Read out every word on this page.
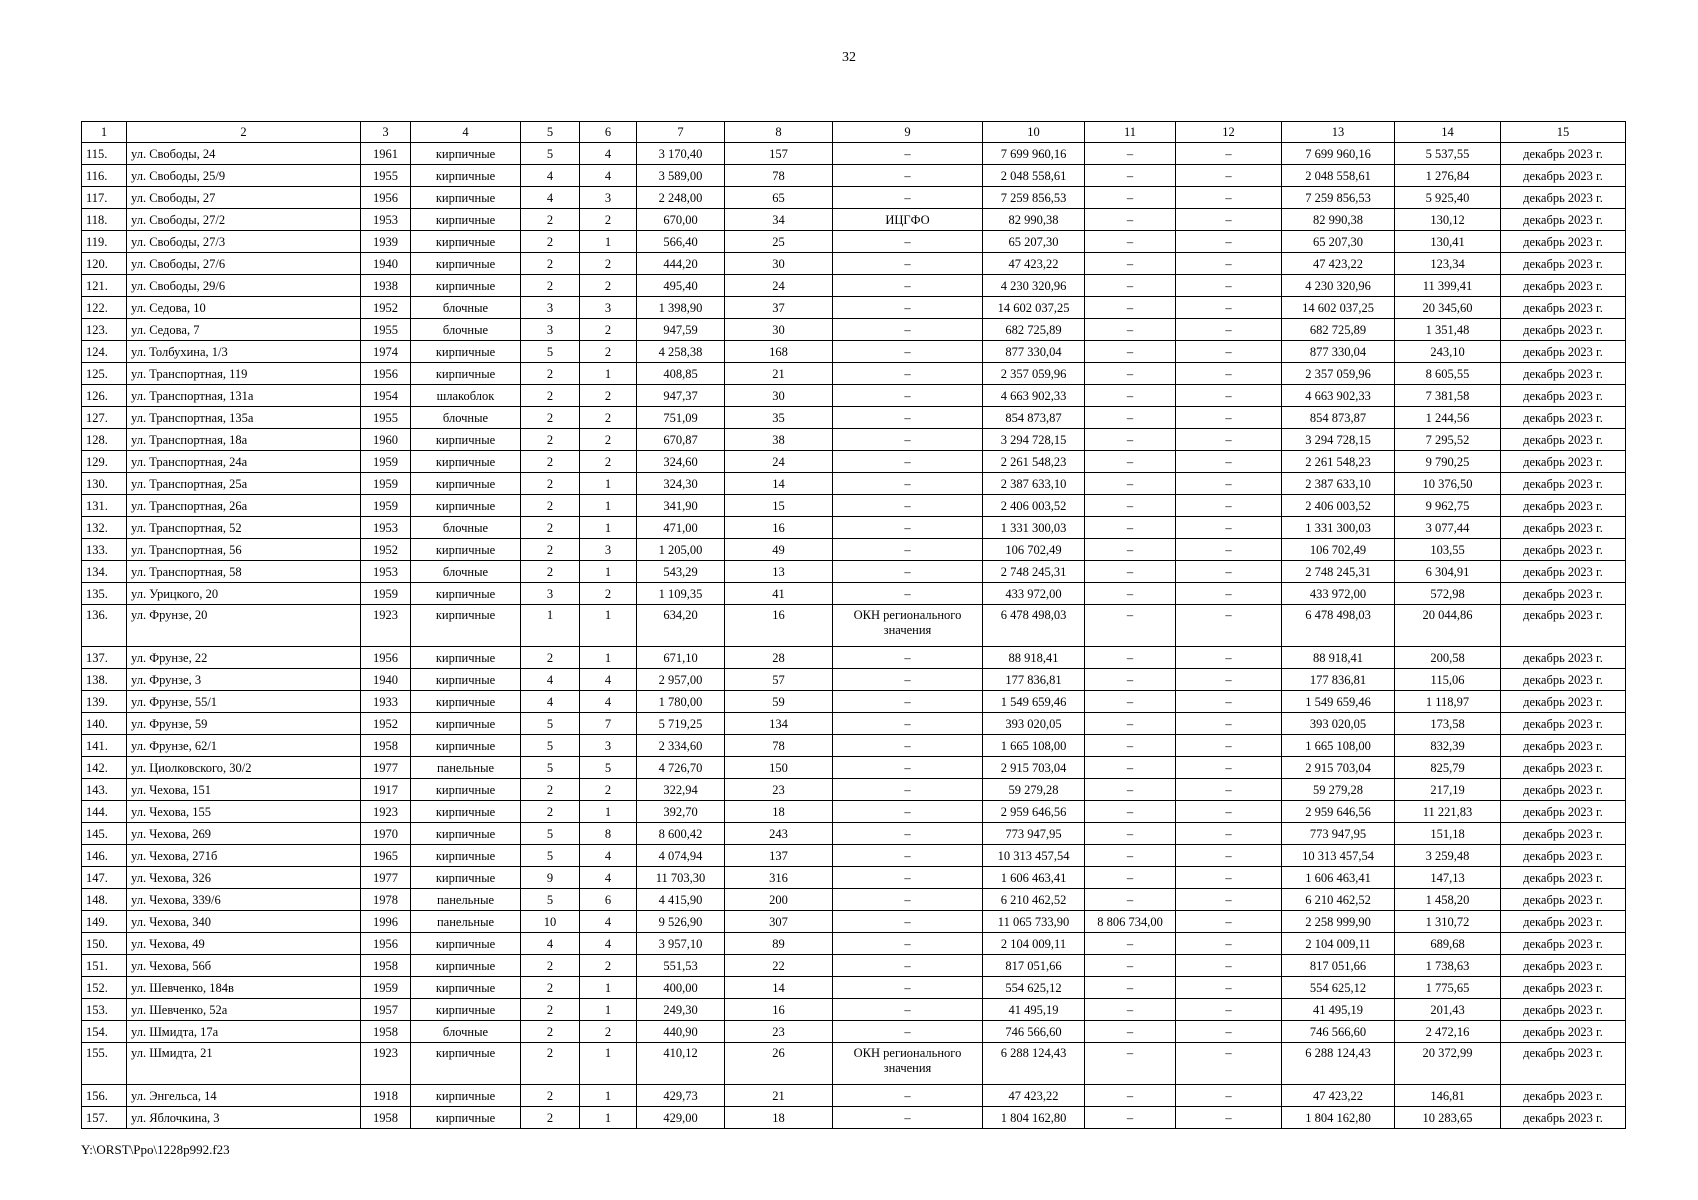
32
1	2	3	4	5	6	7	8	9	10	11	12	13	14	15
115.	ул. Свободы, 24	1961	кирпичные	5	4	3 170,40	157	–	7 699 960,16	–	–	7 699 960,16	5 537,55	декабрь 2023 г.
116.	ул. Свободы, 25/9	1955	кирпичные	4	4	3 589,00	78	–	2 048 558,61	–	–	2 048 558,61	1 276,84	декабрь 2023 г.
117.	ул. Свободы, 27	1956	кирпичные	4	3	2 248,00	65	–	7 259 856,53	–	–	7 259 856,53	5 925,40	декабрь 2023 г.
118.	ул. Свободы, 27/2	1953	кирпичные	2	2	670,00	34	ИЦГФО	82 990,38	–	–	82 990,38	130,12	декабрь 2023 г.
119.	ул. Свободы, 27/3	1939	кирпичные	2	1	566,40	25	–	65 207,30	–	–	65 207,30	130,41	декабрь 2023 г.
120.	ул. Свободы, 27/6	1940	кирпичные	2	2	444,20	30	–	47 423,22	–	–	47 423,22	123,34	декабрь 2023 г.
121.	ул. Свободы, 29/6	1938	кирпичные	2	2	495,40	24	–	4 230 320,96	–	–	4 230 320,96	11 399,41	декабрь 2023 г.
122.	ул. Седова, 10	1952	блочные	3	3	1 398,90	37	–	14 602 037,25	–	–	14 602 037,25	20 345,60	декабрь 2023 г.
123.	ул. Седова, 7	1955	блочные	3	2	947,59	30	–	682 725,89	–	–	682 725,89	1 351,48	декабрь 2023 г.
124.	ул. Толбухина, 1/3	1974	кирпичные	5	2	4 258,38	168	–	877 330,04	–	–	877 330,04	243,10	декабрь 2023 г.
125.	ул. Транспортная, 119	1956	кирпичные	2	1	408,85	21	–	2 357 059,96	–	–	2 357 059,96	8 605,55	декабрь 2023 г.
126.	ул. Транспортная, 131а	1954	шлакоблок	2	2	947,37	30	–	4 663 902,33	–	–	4 663 902,33	7 381,58	декабрь 2023 г.
127.	ул. Транспортная, 135а	1955	блочные	2	2	751,09	35	–	854 873,87	–	–	854 873,87	1 244,56	декабрь 2023 г.
128.	ул. Транспортная, 18а	1960	кирпичные	2	2	670,87	38	–	3 294 728,15	–	–	3 294 728,15	7 295,52	декабрь 2023 г.
129.	ул. Транспортная, 24а	1959	кирпичные	2	2	324,60	24	–	2 261 548,23	–	–	2 261 548,23	9 790,25	декабрь 2023 г.
130.	ул. Транспортная, 25а	1959	кирпичные	2	1	324,30	14	–	2 387 633,10	–	–	2 387 633,10	10 376,50	декабрь 2023 г.
131.	ул. Транспортная, 26а	1959	кирпичные	2	1	341,90	15	–	2 406 003,52	–	–	2 406 003,52	9 962,75	декабрь 2023 г.
132.	ул. Транспортная, 52	1953	блочные	2	1	471,00	16	–	1 331 300,03	–	–	1 331 300,03	3 077,44	декабрь 2023 г.
133.	ул. Транспортная, 56	1952	кирпичные	2	3	1 205,00	49	–	106 702,49	–	–	106 702,49	103,55	декабрь 2023 г.
134.	ул. Транспортная, 58	1953	блочные	2	1	543,29	13	–	2 748 245,31	–	–	2 748 245,31	6 304,91	декабрь 2023 г.
135.	ул. Урицкого, 20	1959	кирпичные	3	2	1 109,35	41	–	433 972,00	–	–	433 972,00	572,98	декабрь 2023 г.
136.	ул. Фрунзе, 20	1923	кирпичные	1	1	634,20	16	ОКН регионального значения	6 478 498,03	–	–	6 478 498,03	20 044,86	декабрь 2023 г.
137.	ул. Фрунзе, 22	1956	кирпичные	2	1	671,10	28	–	88 918,41	–	–	88 918,41	200,58	декабрь 2023 г.
138.	ул. Фрунзе, 3	1940	кирпичные	4	4	2 957,00	57	–	177 836,81	–	–	177 836,81	115,06	декабрь 2023 г.
139.	ул. Фрунзе, 55/1	1933	кирпичные	4	4	1 780,00	59	–	1 549 659,46	–	–	1 549 659,46	1 118,97	декабрь 2023 г.
140.	ул. Фрунзе, 59	1952	кирпичные	5	7	5 719,25	134	–	393 020,05	–	–	393 020,05	173,58	декабрь 2023 г.
141.	ул. Фрунзе, 62/1	1958	кирпичные	5	3	2 334,60	78	–	1 665 108,00	–	–	1 665 108,00	832,39	декабрь 2023 г.
142.	ул. Циолковского, 30/2	1977	панельные	5	5	4 726,70	150	–	2 915 703,04	–	–	2 915 703,04	825,79	декабрь 2023 г.
143.	ул. Чехова, 151	1917	кирпичные	2	2	322,94	23	–	59 279,28	–	–	59 279,28	217,19	декабрь 2023 г.
144.	ул. Чехова, 155	1923	кирпичные	2	1	392,70	18	–	2 959 646,56	–	–	2 959 646,56	11 221,83	декабрь 2023 г.
145.	ул. Чехова, 269	1970	кирпичные	5	8	8 600,42	243	–	773 947,95	–	–	773 947,95	151,18	декабрь 2023 г.
146.	ул. Чехова, 271б	1965	кирпичные	5	4	4 074,94	137	–	10 313 457,54	–	–	10 313 457,54	3 259,48	декабрь 2023 г.
147.	ул. Чехова, 326	1977	кирпичные	9	4	11 703,30	316	–	1 606 463,41	–	–	1 606 463,41	147,13	декабрь 2023 г.
148.	ул. Чехова, 339/6	1978	панельные	5	6	4 415,90	200	–	6 210 462,52	–	–	6 210 462,52	1 458,20	декабрь 2023 г.
149.	ул. Чехова, 340	1996	панельные	10	4	9 526,90	307	–	11 065 733,90	8 806 734,00	–	2 258 999,90	1 310,72	декабрь 2023 г.
150.	ул. Чехова, 49	1956	кирпичные	4	4	3 957,10	89	–	2 104 009,11	–	–	2 104 009,11	689,68	декабрь 2023 г.
151.	ул. Чехова, 56б	1958	кирпичные	2	2	551,53	22	–	817 051,66	–	–	817 051,66	1 738,63	декабрь 2023 г.
152.	ул. Шевченко, 184в	1959	кирпичные	2	1	400,00	14	–	554 625,12	–	–	554 625,12	1 775,65	декабрь 2023 г.
153.	ул. Шевченко, 52а	1957	кирпичные	2	1	249,30	16	–	41 495,19	–	–	41 495,19	201,43	декабрь 2023 г.
154.	ул. Шмидта, 17а	1958	блочные	2	2	440,90	23	–	746 566,60	–	–	746 566,60	2 472,16	декабрь 2023 г.
155.	ул. Шмидта, 21	1923	кирпичные	2	1	410,12	26	ОКН регионального значения	6 288 124,43	–	–	6 288 124,43	20 372,99	декабрь 2023 г.
156.	ул. Энгельса, 14	1918	кирпичные	2	1	429,73	21	–	47 423,22	–	–	47 423,22	146,81	декабрь 2023 г.
157.	ул. Яблочкина, 3	1958	кирпичные	2	1	429,00	18	–	1 804 162,80	–	–	1 804 162,80	10 283,65	декабрь 2023 г.
Y:\ORST\Ppo\1228p992.f23
